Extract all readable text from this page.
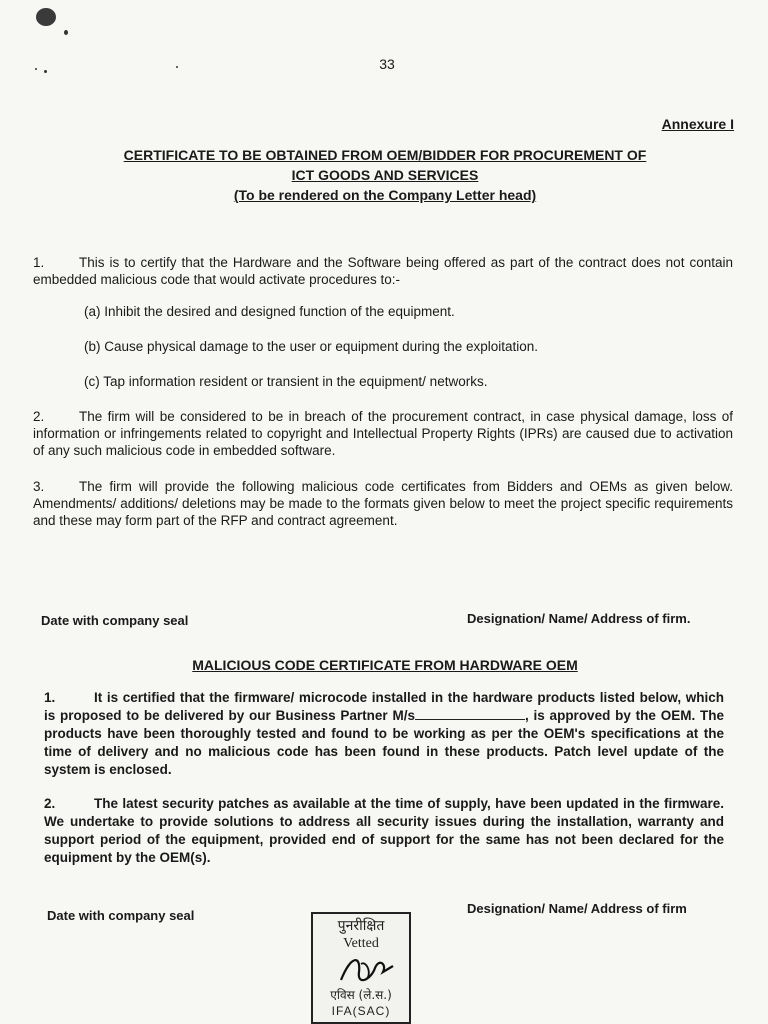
33
Annexure I
CERTIFICATE TO BE OBTAINED FROM OEM/BIDDER FOR PROCUREMENT OF
ICT GOODS AND SERVICES
(To be rendered on the Company Letter head)
1.	This is to certify that the Hardware and the Software being offered as part of the contract does not contain embedded malicious code that would activate procedures to:-
(a) Inhibit the desired and designed function of the equipment.
(b) Cause physical damage to the user or equipment during the exploitation.
(c) Tap information resident or transient in the equipment/ networks.
2.	The firm will be considered to be in breach of the procurement contract, in case physical damage, loss of information or infringements related to copyright and Intellectual Property Rights (IPRs) are caused due to activation of any such malicious code in embedded software.
3.	The firm will provide the following malicious code certificates from Bidders and OEMs as given below. Amendments/ additions/ deletions may be made to the formats given below to meet the project specific requirements and these may form part of the RFP and contract agreement.
Date with company seal	Designation/ Name/ Address of firm.
MALICIOUS CODE CERTIFICATE FROM HARDWARE OEM
1.	It is certified that the firmware/ microcode installed in the hardware products listed below, which is proposed to be delivered by our Business Partner M/s	, is approved by the OEM. The products have been thoroughly tested and found to be working as per the OEM's specifications at the time of delivery and no malicious code has been found in these products. Patch level update of the system is enclosed.
2.	The latest security patches as available at the time of supply, have been updated in the firmware. We undertake to provide solutions to address all security issues during the installation, warranty and support period of the equipment, provided end of support for the same has not been declared for the equipment by the OEM(s).
Date with company seal	Designation/ Name/ Address of firm
पुनरीक्षित
Vetted
एविस (ले.स.)
IFA(SAC)
